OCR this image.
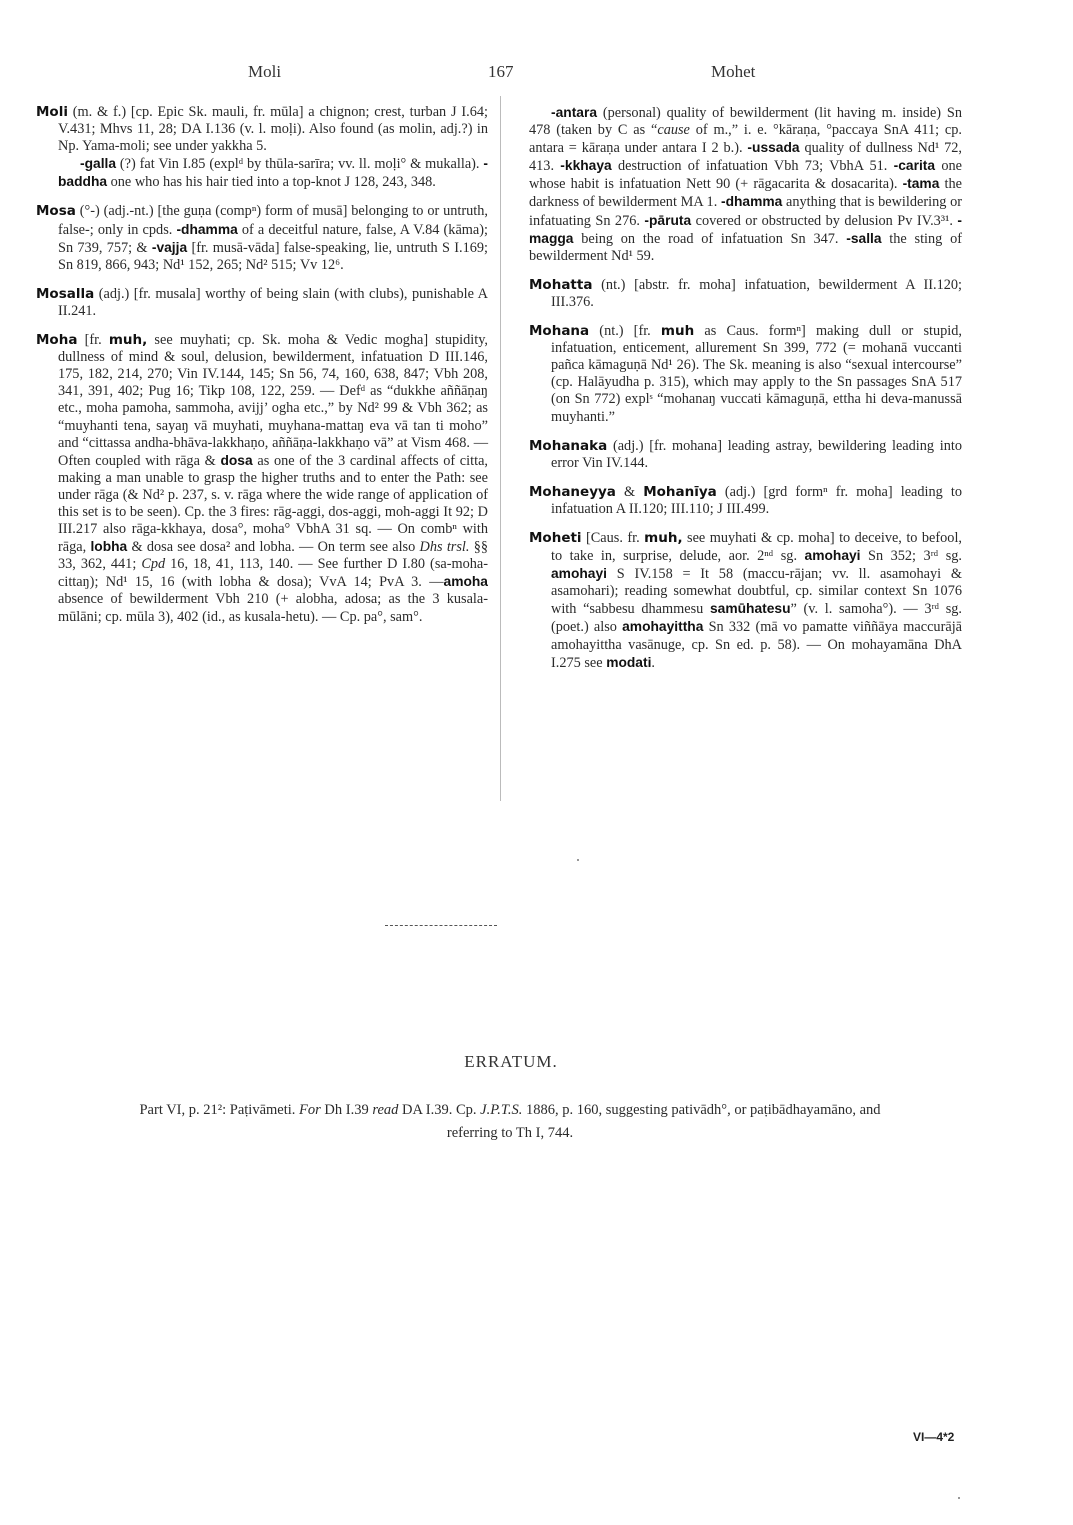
Moli	167	Mohet
Moli (m. & f.) [cp. Epic Sk. mauli, fr. mūla] a chignon; crest, turban J I.64; V.431; Mhvs 11, 28; DA I.136 (v. l. moḷi). Also found (as molin, adj.?) in Np. Yama-moli; see under yakkha 5.
-galla (?) fat Vin I.85 (explᵈ by thūla-sarīra; vv. ll. moḷi° & mukalla). -baddha one who has his hair tied into a top-knot J 128, 243, 348.
Mosa (°-) (adj.-nt.) [the guṇa (compⁿ) form of musā] belonging to or untruth, false-; only in cpds. -dhamma of a deceitful nature, false, A V.84 (kāma); Sn 739, 757; & -vajja [fr. musā-vāda] false-speaking, lie, untruth S I.169; Sn 819, 866, 943; Nd¹ 152, 265; Nd² 515; Vv 12⁶.
Mosalla (adj.) [fr. musala] worthy of being slain (with clubs), punishable A II.241.
Moha [fr. muh, see muyhati; cp. Sk. moha & Vedic mogha] stupidity, dullness of mind & soul, delusion, bewilderment, infatuation D III.146, 175, 182, 214, 270; Vin IV.144, 145; Sn 56, 74, 160, 638, 847; Vbh 208, 341, 391, 402; Pug 16; Tikp 108, 122, 259. — Defᵈ as “dukkhe aññāṇaŋ etc., moha pamoha, sammoha, avijj’ ogha etc.,” by Nd² 99 & Vbh 362; as “muyhanti tena, sayaŋ vā muyhati, muyhana-mattaŋ eva vā tan ti moho” and “cittassa andha-bhāva-lakkhaṇo, aññāṇa-lakkhaṇo vā” at Vism 468. — Often coupled with rāga & dosa as one of the 3 cardinal affects of citta, making a man unable to grasp the higher truths and to enter the Path: see under rāga (& Nd² p. 237, s. v. rāga where the wide range of application of this set is to be seen). Cp. the 3 fires: rāg-aggi, dos-aggi, moh-aggi It 92; D III.217 also rāga-kkhaya, dosa°, moha° VbhA 31 sq. — On combⁿ with rāga, lobha & dosa see dosa² and lobha. — On term see also Dhs trsl. §§ 33, 362, 441; Cpd 16, 18, 41, 113, 140. — See further D I.80 (sa-moha-cittaŋ); Nd¹ 15, 16 (with lobha & dosa); VvA 14; PvA 3. —amoha absence of bewilderment Vbh 210 (+ alobha, adosa; as the 3 kusala-mūlāni; cp. mūla 3), 402 (id., as kusala-hetu). — Cp. pa°, sam°.
-antara (personal) quality of bewilderment (lit having m. inside) Sn 478 (taken by C as “cause of m.,” i. e. °kāraṇa, °paccaya SnA 411; cp. antara = kāraṇa under antara I 2 b.). -ussada quality of dullness Nd¹ 72, 413. -kkhaya destruction of infatuation Vbh 73; VbhA 51. -carita one whose habit is infatuation Nett 90 (+ rāgacarita & dosacarita). -tama the darkness of bewilderment MA 1. -dhamma anything that is bewildering or infatuating Sn 276. -pāruta covered or obstructed by delusion Pv IV.3³¹. -magga being on the road of infatuation Sn 347. -salla the sting of bewilderment Nd¹ 59.
Mohatta (nt.) [abstr. fr. moha] infatuation, bewilderment A II.120; III.376.
Mohana (nt.) [fr. muh as Caus. formⁿ] making dull or stupid, infatuation, enticement, allurement Sn 399, 772 (= mohanā vuccanti pañca kāmaguṇā Nd¹ 26). The Sk. meaning is also “sexual intercourse” (cp. Halāyudha p. 315), which may apply to the Sn passages SnA 517 (on Sn 772) explˢ “mohanaŋ vuccati kāmaguṇā, ettha hi deva-manussā muyhanti.”
Mohanaka (adj.) [fr. mohana] leading astray, bewildering leading into error Vin IV.144.
Mohaneyya & Mohanīya (adj.) [grd formⁿ fr. moha] leading to infatuation A II.120; III.110; J III.499.
Moheti [Caus. fr. muh, see muyhati & cp. moha] to deceive, to befool, to take in, surprise, delude, aor. 2ⁿᵈ sg. amohayi Sn 352; 3ʳᵈ sg. amohayi S IV.158 = It 58 (maccu-rājan; vv. ll. asamohayi & asamohari); reading somewhat doubtful, cp. similar context Sn 1076 with “sabbesu dhammesu samūhatesu” (v. l. samoha°). — 3ʳᵈ sg. (poet.) also amohayittha Sn 332 (mā vo pamatte viññāya maccurājā amohayittha vasānuge, cp. Sn ed. p. 58). — On mohayamāna DhA I.275 see modati.
ERRATUM.
Part VI, p. 21²: Paṭivāmeti. For Dh I.39 read DA I.39. Cp. J.P.T.S. 1886, p. 160, suggesting pativādh°, or paṭibādhayamāno, and referring to Th I, 744.
VI—4*2
